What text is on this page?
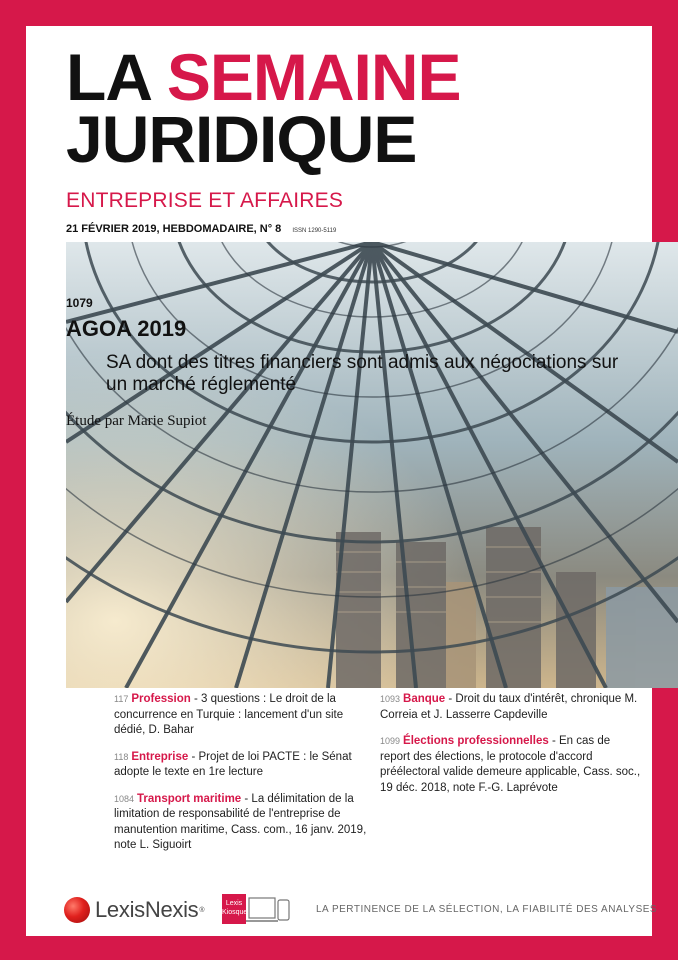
LA SEMAINE
JURIDIQUE
ENTREPRISE ET AFFAIRES
21 FÉVRIER 2019, HEBDOMADAIRE, N° 8 ISSN 1290-5119
1079
AGOA 2019
SA dont des titres financiers sont admis aux négociations sur un marché réglementé
Étude par Marie Supiot
117 Profession - 3 questions : Le droit de la concurrence en Turquie : lancement d'un site dédié, D. Bahar
118 Entreprise - Projet de loi PACTE : le Sénat adopte le texte en 1re lecture
1084 Transport maritime - La délimitation de la limitation de responsabilité de l'entreprise de manutention maritime, Cass. com., 16 janv. 2019, note L. Siguoirt
1093 Banque - Droit du taux d'intérêt, chronique M. Correia et J. Lasserre Capdeville
1099 Élections professionnelles - En cas de report des élections, le protocole d'accord préélectoral valide demeure applicable, Cass. soc., 19 déc. 2018, note F.-G. Laprévote
LexisNexis ®
Lexis
Kiosque	LA PERTINENCE DE LA SÉLECTION, LA FIABILITÉ DES ANALYSES
